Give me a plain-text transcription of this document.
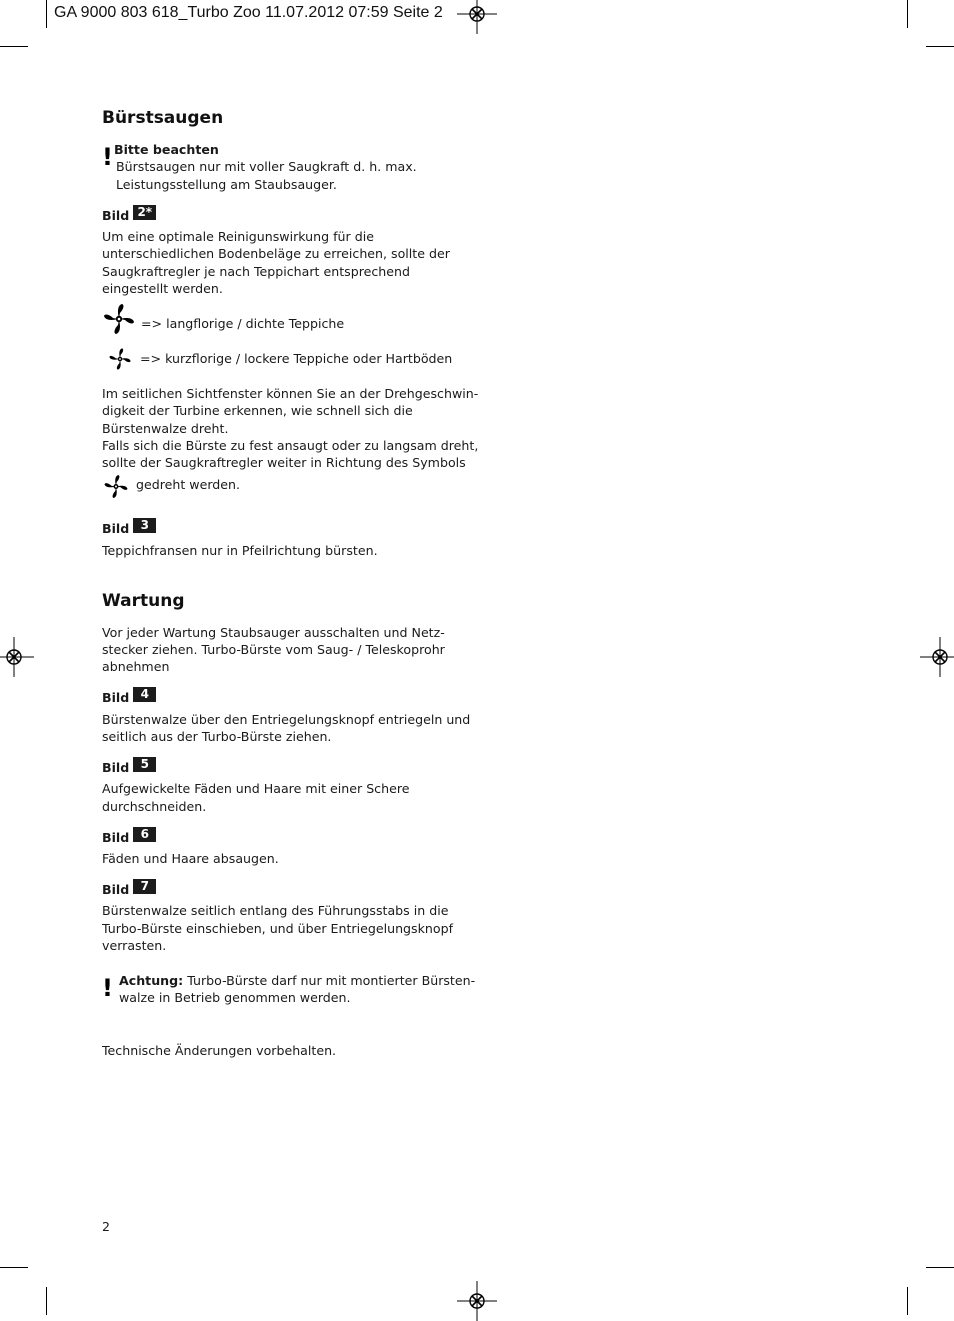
GA 9000 803 618_Turbo Zoo 11.07.2012 07:59 Seite 2
Bürstsaugen
! Bitte beachten
Bürstsaugen nur mit voller Saugkraft d. h. max.
Leistungsstellung am Staubsauger.
Bild 2*
Um eine optimale Reinigunswirkung für die
unterschiedlichen Bodenbeläge zu erreichen, sollte der
Saugkraftregler je nach Teppichart entsprechend
eingestellt werden.
=> langflorige / dichte Teppiche
=> kurzflorige / lockere Teppiche oder Hartböden
Im seitlichen Sichtfenster können Sie an der Drehgeschwin-
digkeit der Turbine erkennen, wie schnell sich die
Bürstenwalze dreht.
Falls sich die Bürste zu fest ansaugt oder zu langsam dreht,
sollte der Saugkraftregler weiter in Richtung des Symbols
gedreht werden.
Bild 3
Teppichfransen nur in Pfeilrichtung bürsten.
Wartung
Vor jeder Wartung Staubsauger ausschalten und Netz-
stecker ziehen. Turbo-Bürste vom Saug- / Teleskoprohr
abnehmen
Bild 4
Bürstenwalze über den Entriegelungsknopf entriegeln und
seitlich aus der Turbo-Bürste ziehen.
Bild 5
Aufgewickelte Fäden und Haare mit einer Schere
durchschneiden.
Bild 6
Fäden und Haare absaugen.
Bild 7
Bürstenwalze seitlich entlang des Führungsstabs in die
Turbo-Bürste einschieben, und über Entriegelungsknopf
verrasten.
! Achtung: Turbo-Bürste darf nur mit montierter Bürsten-
walze in Betrieb genommen werden.
Technische Änderungen vorbehalten.
2
